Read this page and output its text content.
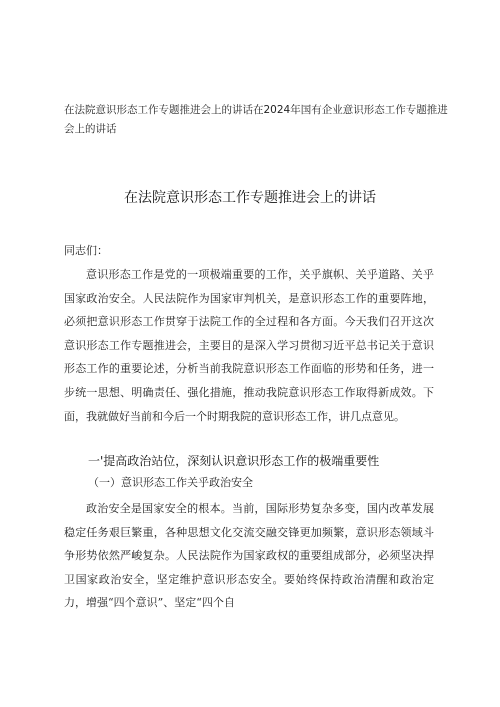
在法院意识形态工作专题推进会上的讲话在2024年国有企业意识形态工作专题推进会上的讲话
在法院意识形态工作专题推进会上的讲话
同志们：
意识形态工作是党的一项极端重要的工作，关乎旗帜、关乎道路、关乎国家政治安全。人民法院作为国家审判机关，是意识形态工作的重要阵地，必须把意识形态工作贯穿于法院工作的全过程和各方面。今天我们召开这次意识形态工作专题推进会，主要目的是深入学习贯彻习近平总书记关于意识形态工作的重要论述，分析当前我院意识形态工作面临的形势和任务，进一步统一思想、明确责任、强化措施，推动我院意识形态工作取得新成效。下面，我就做好当前和今后一个时期我院的意识形态工作，讲几点意见。
一'提高政治站位，深刻认识意识形态工作的极端重要性
（一）意识形态工作关乎政治安全
政治安全是国家安全的根本。当前，国际形势复杂多变，国内改革发展稳定任务艰巨繁重，各种思想文化交流交融交锋更加频繁，意识形态领域斗争形势依然严峻复杂。人民法院作为国家政权的重要组成部分，必须坚决捍卫国家政治安全，坚定维护意识形态安全。要始终保持政治清醒和政治定力，增强“四个意识”、坚定“四个自
